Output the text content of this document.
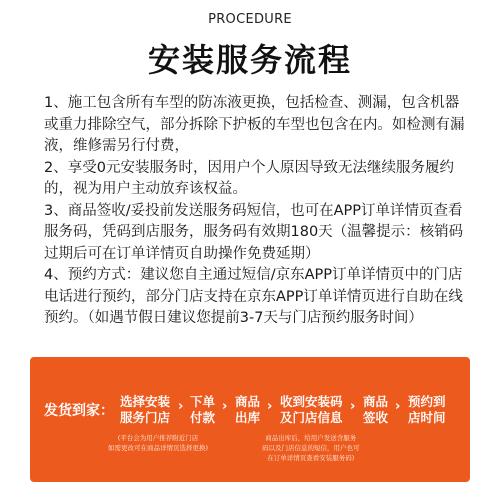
PROCEDURE
安装服务流程

1、施工包含所有车型的防冻液更换，包括检查、测漏，包含机器或重力排除空气，部分拆除下护板的车型也包含在内。如检测有漏液，维修需另行付费，

2、享受0元安装服务时，因用户个人原因导致无法继续服务履约的，视为用户主动放弃该权益。

3、商品签收/妥投前发送服务码短信，也可在APP订单详情页查看服务码，凭码到店服务，服务码有效期180天（温馨提示：核销码过期后可在订单详情页自助操作免费延期）

4、预约方式：建议您自主通过短信/京东APP订单详情页中的门店电话进行预约，部分门店支持在京东APP订单详情页进行自助在线预约。（如遇节假日建议您提前3-7天与门店预约服务时间）

发货到家：
选择安装
服务门店
› 下单
付款
› 商品
出库
› 收到安装码
及门店信息
› 商品
签收
› 预约到
店时间
(平台会为用户推荐附近门店
如需更改可在商品详情页选择更换)
商品出库后，给用户发送含服务
码以及门店信息的短信，用户也可
在订单详情页查看安装服务码)
